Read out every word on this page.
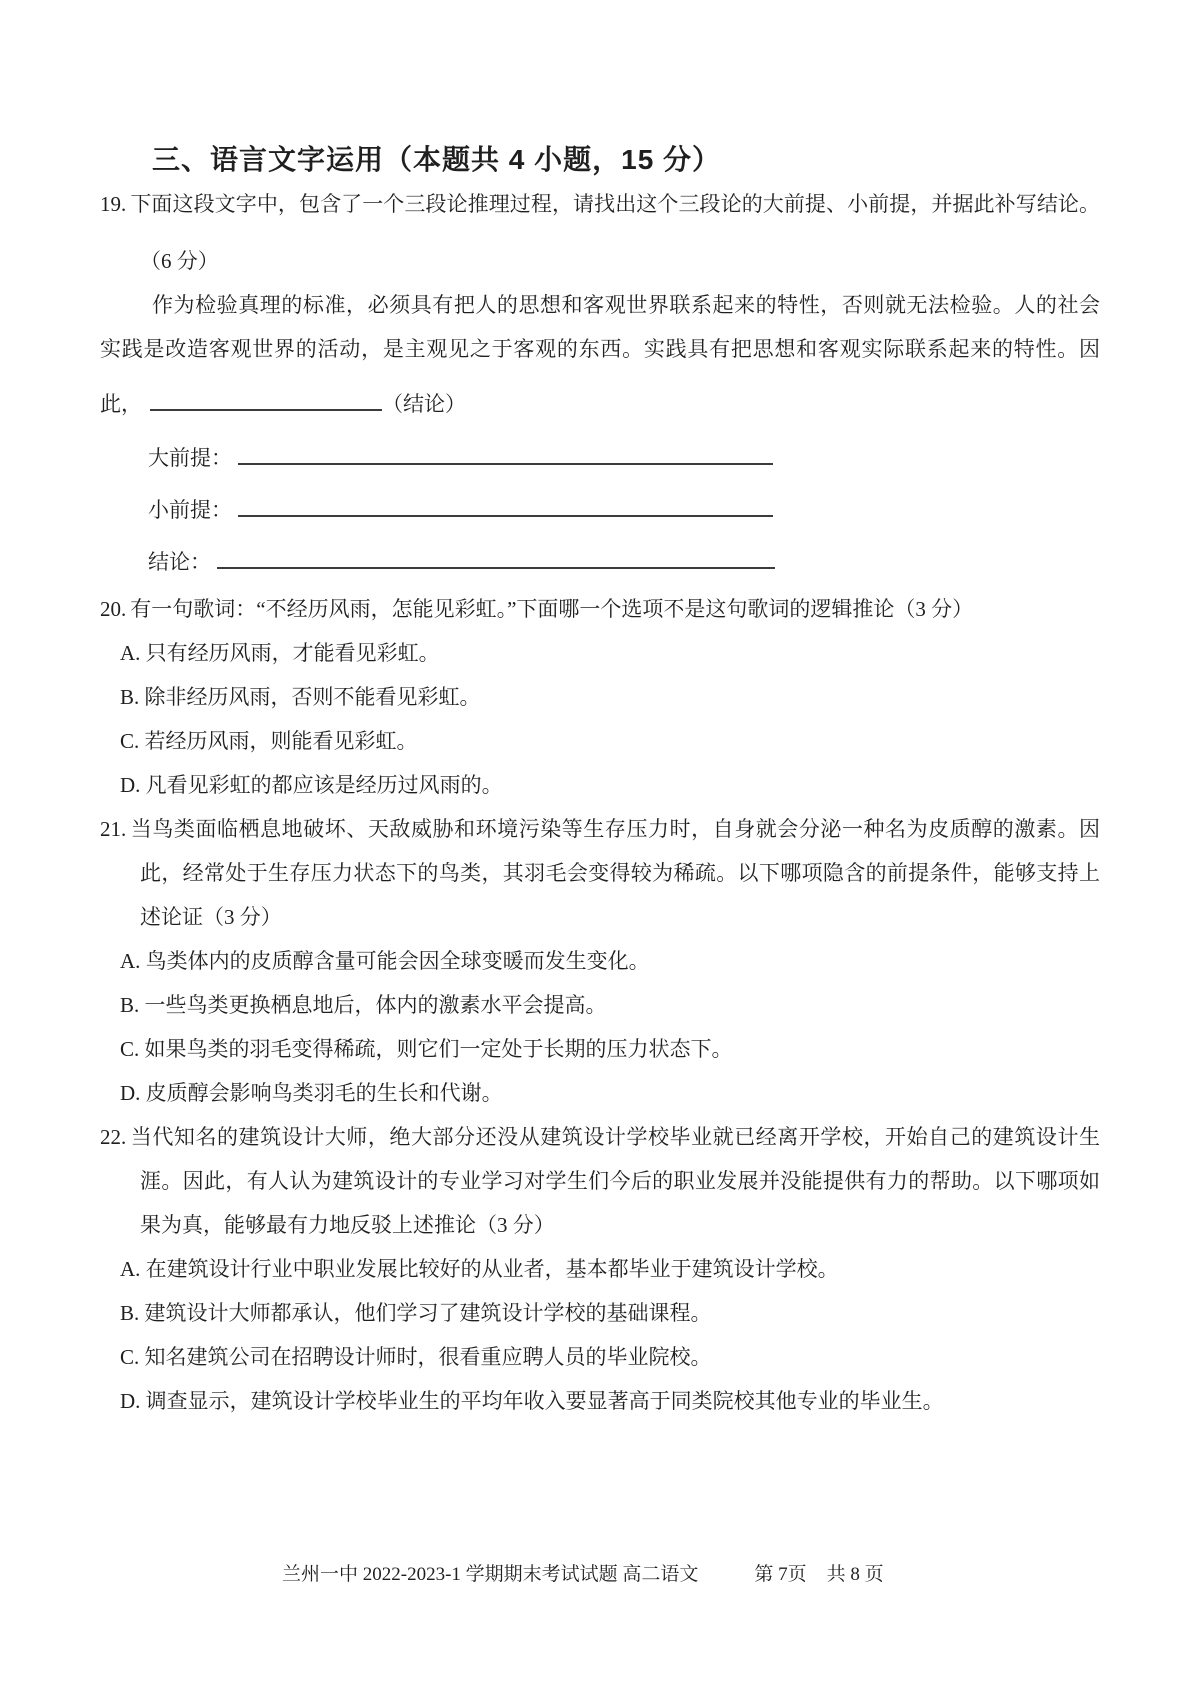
三、语言文字运用（本题共 4 小题，15 分）
19. 下面这段文字中，包含了一个三段论推理过程，请找出这个三段论的大前提、小前提，并据此补写结论。
（6 分）
作为检验真理的标准，必须具有把人的思想和客观世界联系起来的特性，否则就无法检验。人的社会
实践是改造客观世界的活动，是主观见之于客观的东西。实践具有把思想和客观实际联系起来的特性。因
此，	（结论）
大前提：
小前提：
结论：
20. 有一句歌词：“不经历风雨，怎能见彩虹。”下面哪一个选项不是这句歌词的逻辑推论（3 分）
A. 只有经历风雨，才能看见彩虹。
B. 除非经历风雨，否则不能看见彩虹。
C. 若经历风雨，则能看见彩虹。
D. 凡看见彩虹的都应该是经历过风雨的。
21. 当鸟类面临栖息地破坏、天敌威胁和环境污染等生存压力时，自身就会分泌一种名为皮质醇的激素。因
此，经常处于生存压力状态下的鸟类，其羽毛会变得较为稀疏。以下哪项隐含的前提条件，能够支持上
述论证（3 分）
A. 鸟类体内的皮质醇含量可能会因全球变暖而发生变化。
B. 一些鸟类更换栖息地后，体内的激素水平会提高。
C. 如果鸟类的羽毛变得稀疏，则它们一定处于长期的压力状态下。
D. 皮质醇会影响鸟类羽毛的生长和代谢。
22. 当代知名的建筑设计大师，绝大部分还没从建筑设计学校毕业就已经离开学校，开始自己的建筑设计生
涯。因此，有人认为建筑设计的专业学习对学生们今后的职业发展并没能提供有力的帮助。以下哪项如
果为真，能够最有力地反驳上述推论（3 分）
A. 在建筑设计行业中职业发展比较好的从业者，基本都毕业于建筑设计学校。
B. 建筑设计大师都承认，他们学习了建筑设计学校的基础课程。
C. 知名建筑公司在招聘设计师时，很看重应聘人员的毕业院校。
D. 调查显示，建筑设计学校毕业生的平均年收入要显著高于同类院校其他专业的毕业生。
兰州一中 2022-2023-1 学期期末考试试题 高二语文	第 7页 共 8 页
